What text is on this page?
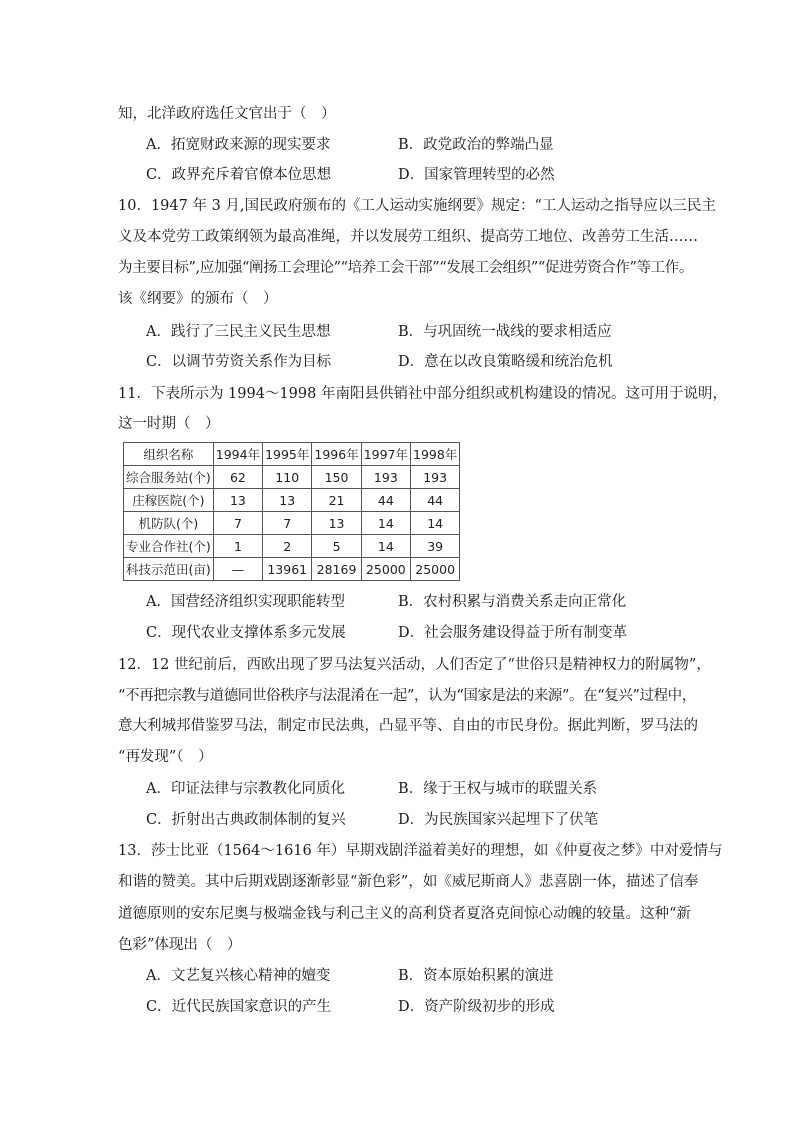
知，北洋政府选任文官出于（　）
A．拓宽财政来源的现实要求	B．政党政治的弊端凸显
C．政界充斥着官僚本位思想	D．国家管理转型的必然
10．1947 年 3 月,国民政府颁布的《工人运动实施纲要》规定：“工人运动之指导应以三民主
义及本党劳工政策纲领为最高准绳，并以发展劳工组织、提高劳工地位、改善劳工生活……
为主要目标”,应加强“阐扬工会理论”“培养工会干部”“发展工会组织”“促进劳资合作”等工作。
该《纲要》的颁布（　）
A．践行了三民主义民生思想	B．与巩固统一战线的要求相适应
C．以调节劳资关系作为目标	D．意在以改良策略缓和统治危机
11．下表所示为 1994～1998 年南阳县供销社中部分组织或机构建设的情况。这可用于说明，
这一时期（　）
组织名称	1994年	1995年	1996年	1997年	1998年
综合服务站(个)	62	110	150	193	193
庄稼医院(个)	13	13	21	44	44
机防队(个)	7	7	13	14	14
专业合作社(个)	1	2	5	14	39
科技示范田(亩)	—	13961	28169	25000	25000
A．国营经济组织实现职能转型	B．农村积累与消费关系走向正常化
C．现代农业支撑体系多元发展	D．社会服务建设得益于所有制变革
12．12 世纪前后，西欧出现了罗马法复兴活动，人们否定了“世俗只是精神权力的附属物”，
“不再把宗教与道德同世俗秩序与法混淆在一起”，认为“国家是法的来源”。在“复兴”过程中，
意大利城邦借鉴罗马法，制定市民法典，凸显平等、自由的市民身份。据此判断，罗马法的
“再发现”（　）
A．印证法律与宗教教化同质化	B．缘于王权与城市的联盟关系
C．折射出古典政制体制的复兴	D．为民族国家兴起埋下了伏笔
13．莎士比亚（1564～1616 年）早期戏剧洋溢着美好的理想，如《仲夏夜之梦》中对爱情与
和谐的赞美。其中后期戏剧逐渐彰显“新色彩”，如《威尼斯商人》悲喜剧一体，描述了信奉
道德原则的安东尼奥与极端金钱与利己主义的高利贷者夏洛克间惊心动魄的较量。这种“新
色彩”体现出（　）
A．文艺复兴核心精神的嬗变	B．资本原始积累的演进
C．近代民族国家意识的产生	D．资产阶级初步的形成
